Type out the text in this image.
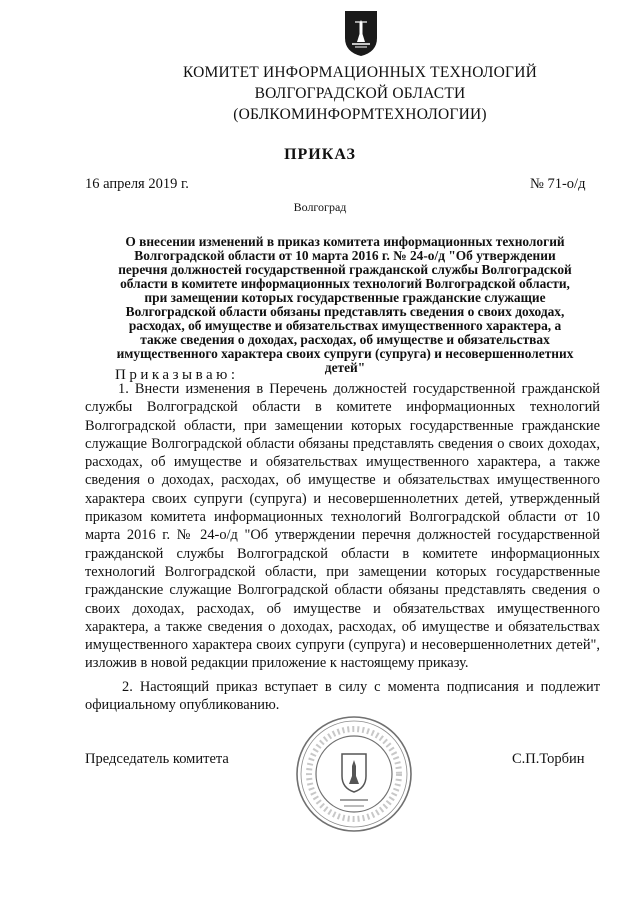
КОМИТЕТ ИНФОРМАЦИОННЫХ ТЕХНОЛОГИЙ
ВОЛГОГРАДСКОЙ ОБЛАСТИ
(ОБЛКОМИНФОРМТЕХНОЛОГИИ)
ПРИКАЗ
16 апреля 2019 г.	№ 71-о/д
Волгоград
О внесении изменений в приказ комитета информационных технологий
Волгоградской области от 10 марта 2016 г. № 24-о/д "Об утверждении
перечня должностей государственной гражданской службы Волгоградской
области в комитете информационных технологий Волгоградской области,
при замещении которых государственные гражданские служащие
Волгоградской области обязаны представлять сведения о своих доходах,
расходах, об имуществе и обязательствах имущественного характера, а
также сведения о доходах, расходах, об имуществе и обязательствах
имущественного характера своих супруги (супруга) и несовершеннолетних
детей"
Приказываю:
1. Внести изменения в Перечень должностей государственной гражданской службы Волгоградской области в комитете информационных технологий Волгоградской области, при замещении которых государственные гражданские служащие Волгоградской области обязаны представлять сведения о своих доходах, расходах, об имуществе и обязательствах имущественного характера, а также сведения о доходах, расходах, об имуществе и обязательствах имущественного характера своих супруги (супруга) и несовершеннолетних детей, утвержденный приказом комитета информационных технологий Волгоградской области от 10 марта 2016 г. № 24-о/д "Об утверждении перечня должностей государственной гражданской службы Волгоградской области в комитете информационных технологий Волгоградской области, при замещении которых государственные гражданские служащие Волгоградской области обязаны представлять сведения о своих доходах, расходах, об имуществе и обязательствах имущественного характера, а также сведения о доходах, расходах, об имуществе и обязательствах имущественного характера своих супруги (супруга) и несовершеннолетних детей", изложив в новой редакции приложение к настоящему приказу.
2. Настоящий приказ вступает в силу с момента подписания и подлежит официальному опубликованию.
Председатель комитета	С.П.Торбин
